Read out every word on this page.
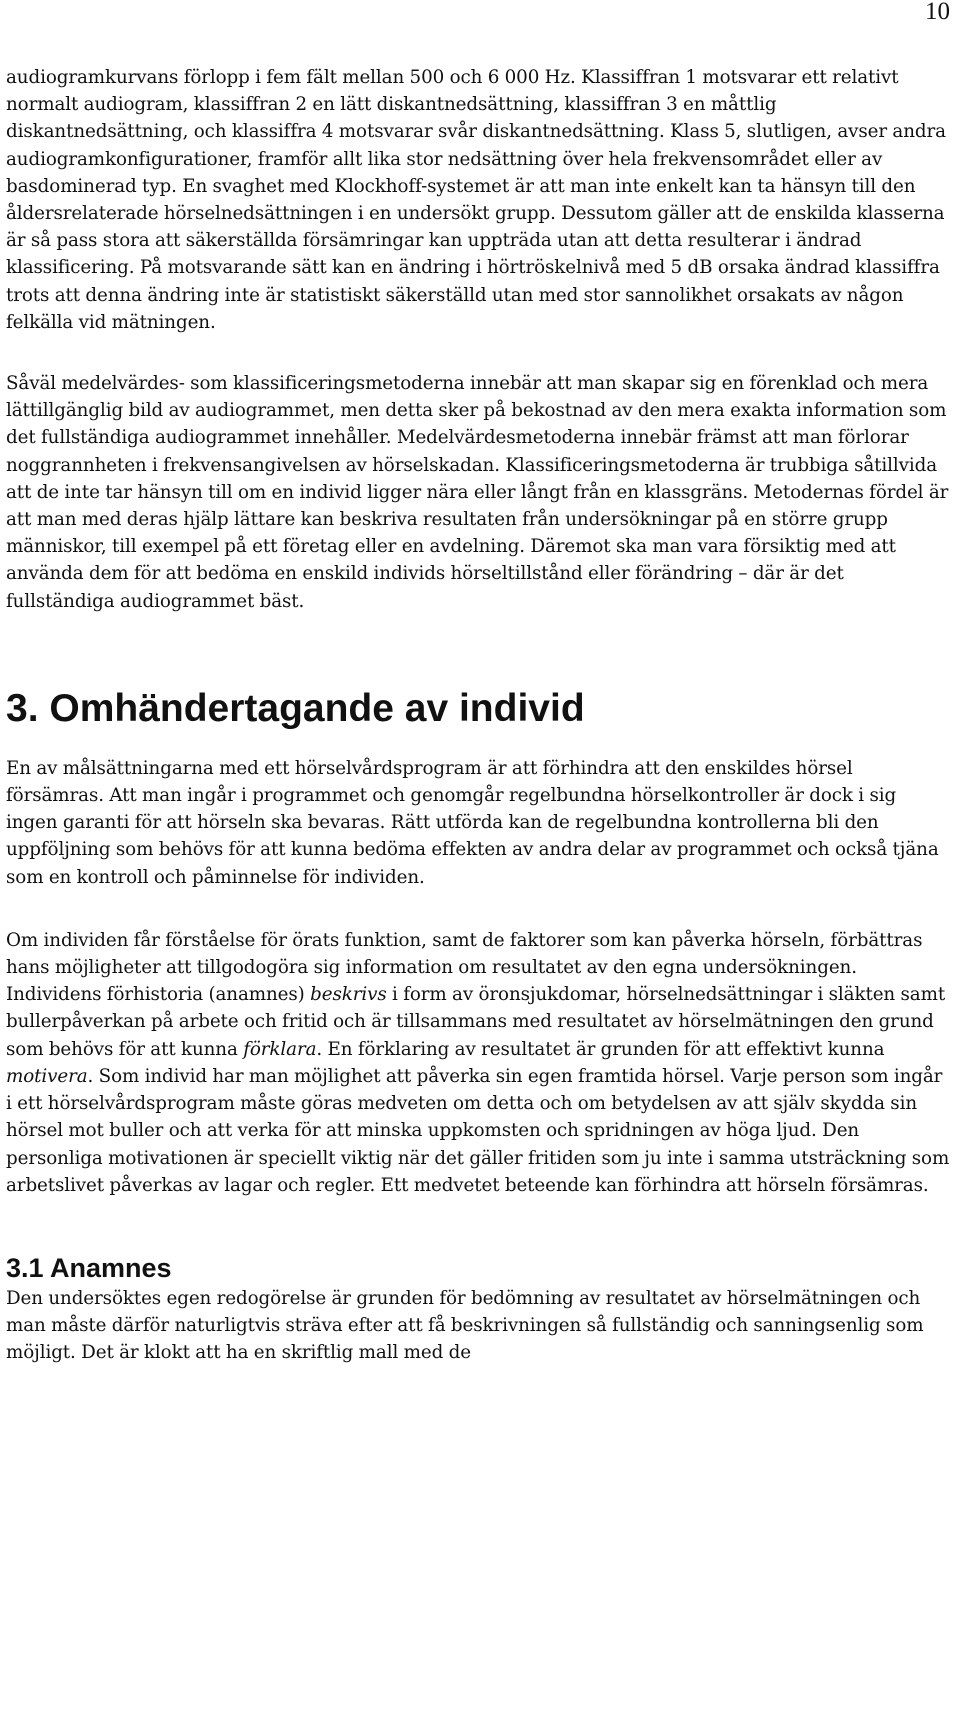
10

audiogramkurvans förlopp i fem fält mellan 500 och 6 000 Hz. Klassiffran 1 motsvarar ett relativt normalt audiogram, klassiffran 2 en lätt diskantnedsättning, klassiffran 3 en måttlig diskantnedsättning, och klassiffra 4 motsvarar svår diskantnedsättning. Klass 5, slutligen, avser andra audiogramkonfigurationer, framför allt lika stor nedsättning över hela frekvensområdet eller av basdominerad typ. En svaghet med Klockhoff-systemet är att man inte enkelt kan ta hänsyn till den åldersrelaterade hörselnedsättningen i en undersökt grupp. Dessutom gäller att de enskilda klasserna är så pass stora att säkerställda försämringar kan uppträda utan att detta resulterar i ändrad klassificering. På motsvarande sätt kan en ändring i hörtröskelnivå med 5 dB orsaka ändrad klassiffra trots att denna ändring inte är statistiskt säkerställd utan med stor sannolikhet orsakats av någon felkälla vid mätningen.

Såväl medelvärdes- som klassificeringsmetoderna innebär att man skapar sig en förenklad och mera lättillgänglig bild av audiogrammet, men detta sker på bekostnad av den mera exakta information som det fullständiga audiogrammet innehåller. Medelvärdesmetoderna innebär främst att man förlorar noggrannheten i frekvensangivelsen av hörselskadan. Klassificeringsmetoderna är trubbiga såtillvida att de inte tar hänsyn till om en individ ligger nära eller långt från en klassgräns. Metodernas fördel är att man med deras hjälp lättare kan beskriva resultaten från undersökningar på en större grupp människor, till exempel på ett företag eller en avdelning. Däremot ska man vara försiktig med att använda dem för att bedöma en enskild individs hörseltillstånd eller förändring – där är det fullständiga audiogrammet bäst.

3. Omhändertagande av individ

En av målsättningarna med ett hörselvårdsprogram är att förhindra att den enskildes hörsel försämras. Att man ingår i programmet och genomgår regelbundna hörselkontroller är dock i sig ingen garanti för att hörseln ska bevaras. Rätt utförda kan de regelbundna kontrollerna bli den uppföljning som behövs för att kunna bedöma effekten av andra delar av programmet och också tjäna som en kontroll och påminnelse för individen.

Om individen får förståelse för örats funktion, samt de faktorer som kan påverka hörseln, förbättras hans möjligheter att tillgodogöra sig information om resultatet av den egna undersökningen. Individens förhistoria (anamnes) beskrivs i form av öronsjukdomar, hörselnedsättningar i släkten samt bullerpåverkan på arbete och fritid och är tillsammans med resultatet av hörselmätningen den grund som behövs för att kunna förklara. En förklaring av resultatet är grunden för att effektivt kunna motivera. Som individ har man möjlighet att påverka sin egen framtida hörsel. Varje person som ingår i ett hörselvårdsprogram måste göras medveten om detta och om betydelsen av att själv skydda sin hörsel mot buller och att verka för att minska uppkomsten och spridningen av höga ljud. Den personliga motivationen är speciellt viktig när det gäller fritiden som ju inte i samma utsträckning som arbetslivet påverkas av lagar och regler. Ett medvetet beteende kan förhindra att hörseln försämras.

3.1 Anamnes

Den undersöktes egen redogörelse är grunden för bedömning av resultatet av hörselmätningen och man måste därför naturligtvis sträva efter att få beskrivningen så fullständig och sanningsenlig som möjligt. Det är klokt att ha en skriftlig mall med de
